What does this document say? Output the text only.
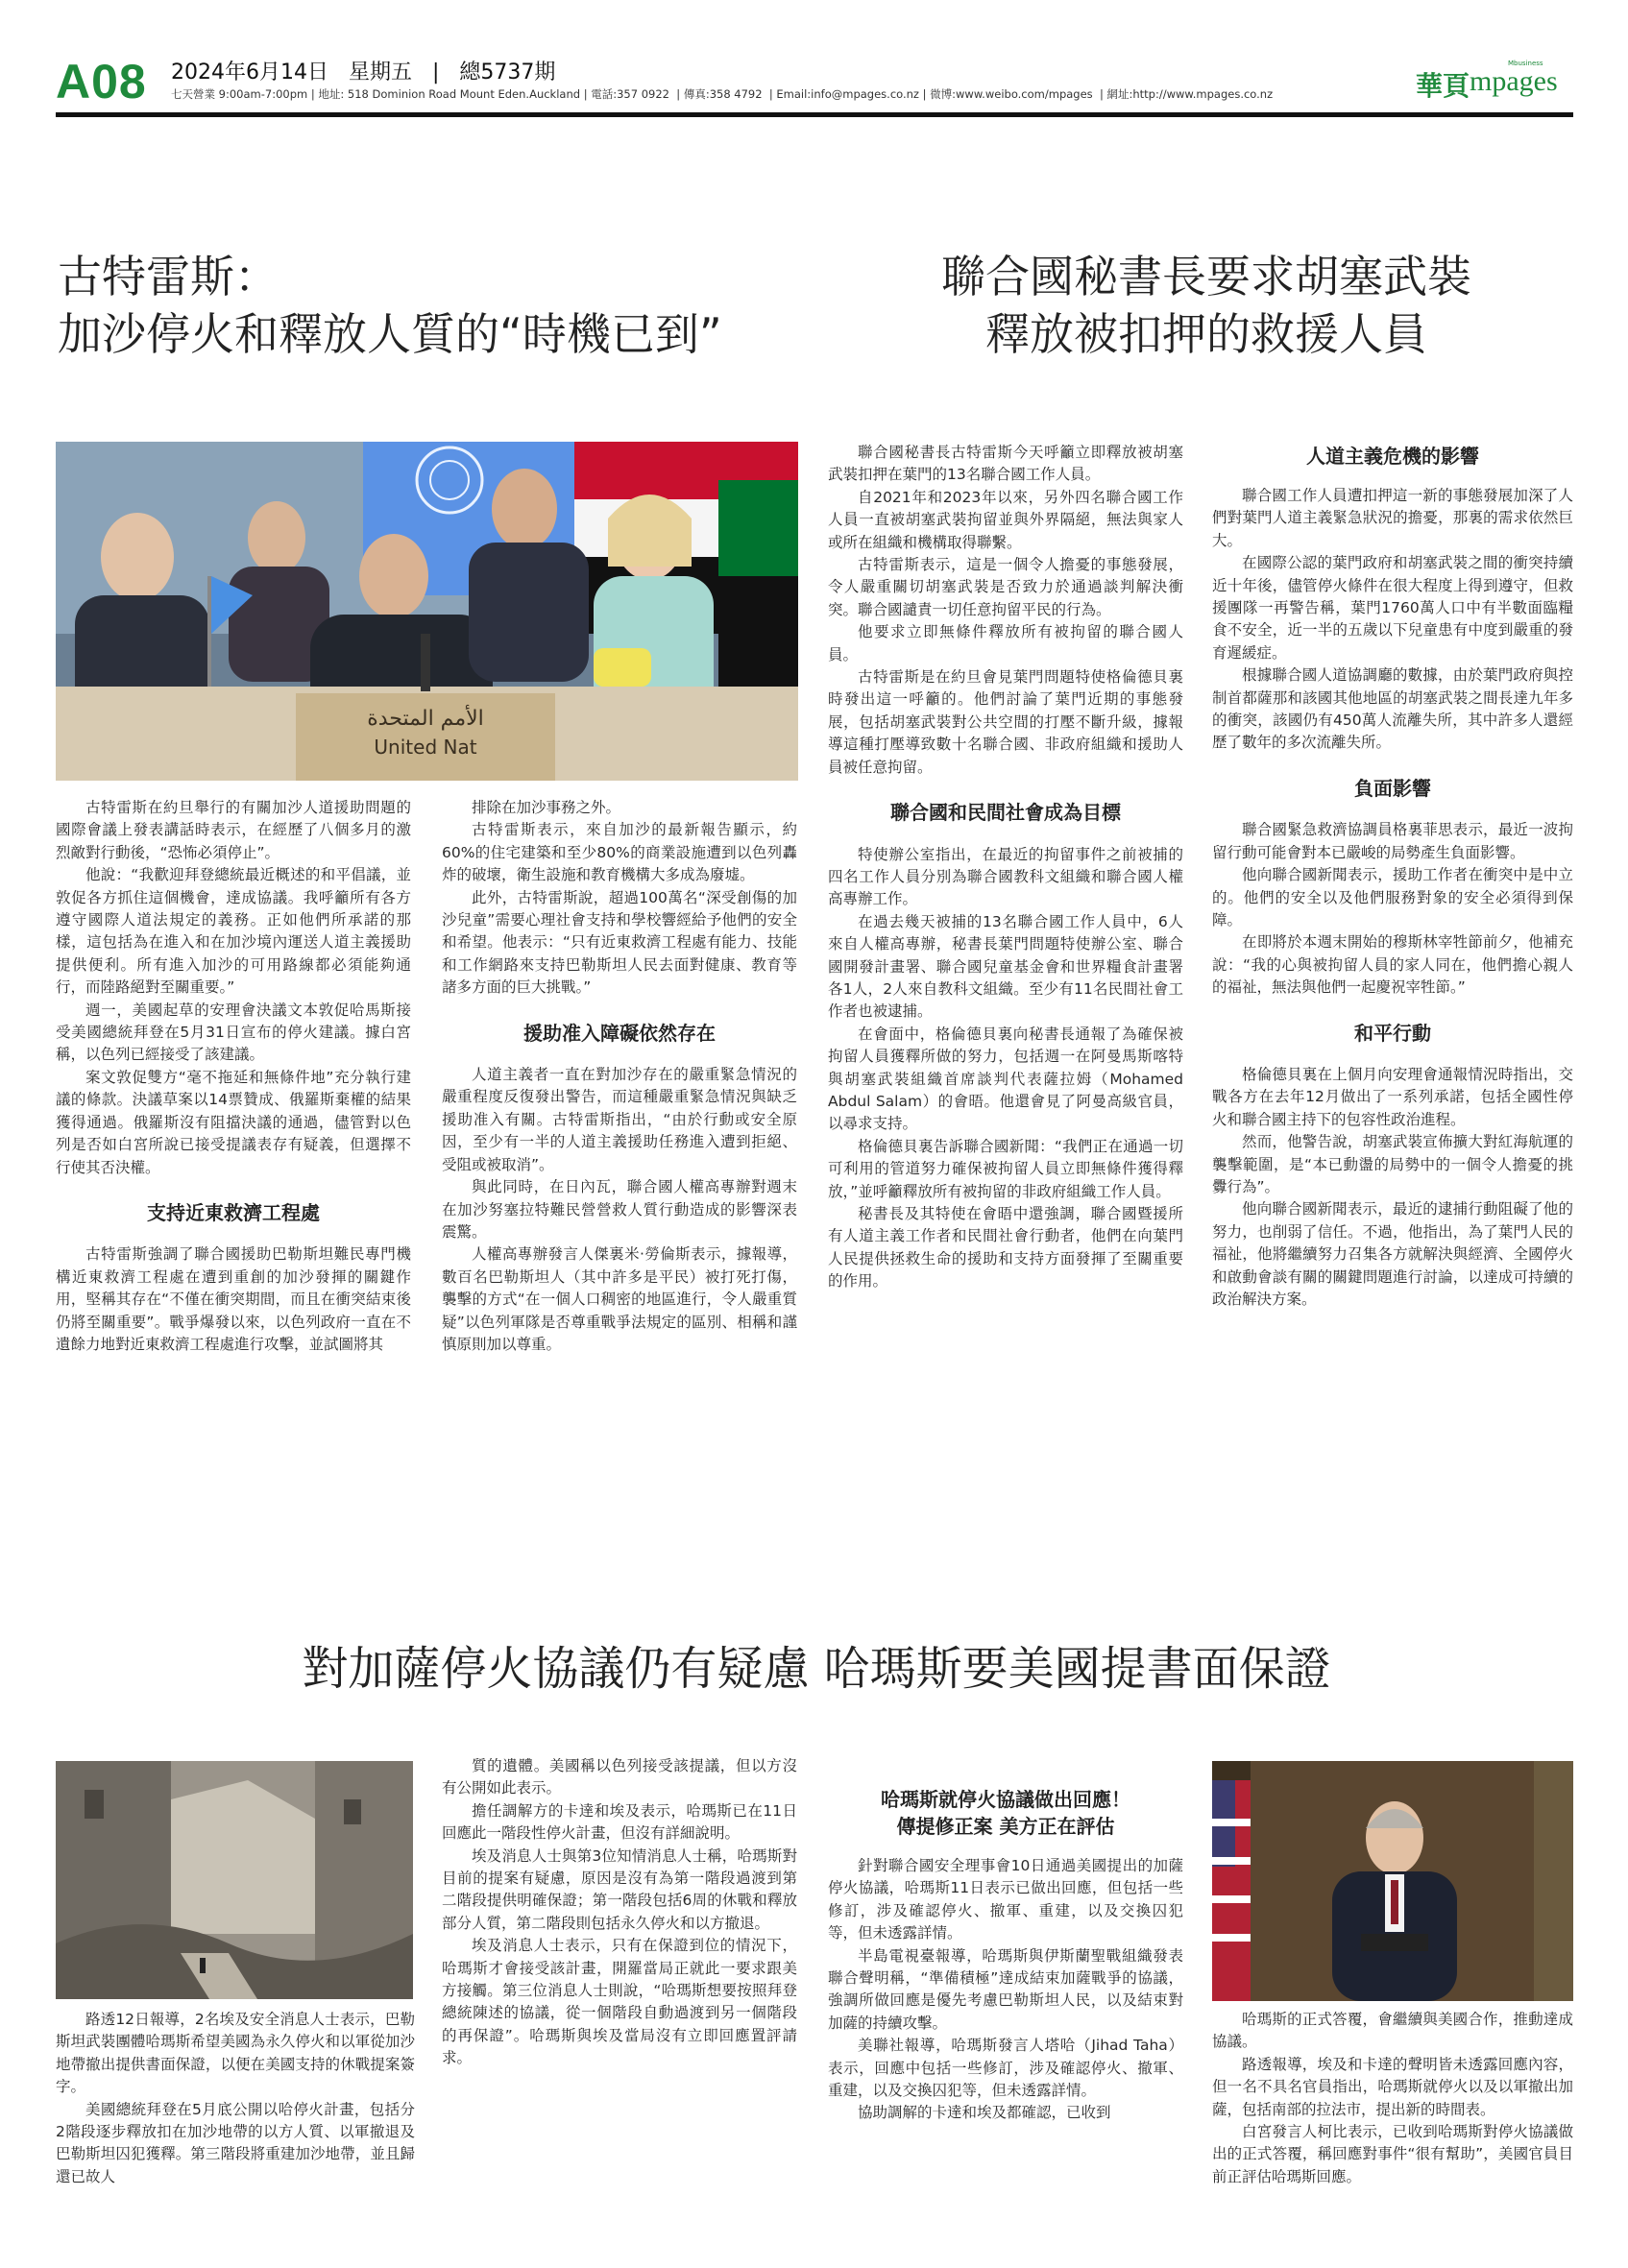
A08 2024年6月14日   星期五   |   總5737期
七天營業 9:00am-7:00pm | 地址: 518 Dominion Road Mount Eden.Auckland | 電話:357 0922  | 傳真:358 4792  | Email:info@mpages.co.nz | 微博:www.weibo.com/mpages  | 網址:http://www.mpages.co.nz	華頁
Mbusiness
mpages
古特雷斯：
加沙停火和釋放人質的“時機已到”
聯合國秘書長要求胡塞武裝
釋放被扣押的救援人員
الأمم المتحدة
United Nat

古特雷斯在約旦舉行的有關加沙人道援助問題的國際會議上發表講話時表示，在經歷了八個多月的激烈敵對行動後，“恐怖必須停止”。

他說：“我歡迎拜登總統最近概述的和平倡議，並敦促各方抓住這個機會，達成協議。我呼籲所有各方遵守國際人道法規定的義務。正如他們所承諾的那樣，這包括為在進入和在加沙境內運送人道主義援助提供便利。所有進入加沙的可用路線都必須能夠通行，而陸路絕對至關重要。”

週一，美國起草的安理會決議文本敦促哈馬斯接受美國總統拜登在5月31日宣布的停火建議。據白宮稱，以色列已經接受了該建議。

案文敦促雙方“毫不拖延和無條件地”充分執行建議的條款。決議草案以14票贊成、俄羅斯棄權的結果獲得通過。俄羅斯沒有阻擋決議的通過，儘管對以色列是否如白宮所說已接受提議表存有疑義，但選擇不行使其否決權。

支持近東救濟工程處

古特雷斯強調了聯合國援助巴勒斯坦難民專門機構近東救濟工程處在遭到重創的加沙發揮的關鍵作用，堅稱其存在“不僅在衝突期間，而且在衝突結束後仍將至關重要”。戰爭爆發以來，以色列政府一直在不遺餘力地對近東救濟工程處進行攻擊，並試圖將其

排除在加沙事務之外。

古特雷斯表示，來自加沙的最新報告顯示，約60%的住宅建築和至少80%的商業設施遭到以色列轟炸的破壞，衛生設施和教育機構大多成為廢墟。

此外，古特雷斯說，超過100萬名“深受創傷的加沙兒童”需要心理社會支持和學校響經給予他們的安全和希望。他表示：“只有近東救濟工程處有能力、技能和工作網路來支持巴勒斯坦人民去面對健康、教育等諸多方面的巨大挑戰。”

援助准入障礙依然存在

人道主義者一直在對加沙存在的嚴重緊急情況的嚴重程度反復發出警告，而這種嚴重緊急情況與缺乏援助准入有關。古特雷斯指出，“由於行動或安全原因，至少有一半的人道主義援助任務進入遭到拒絕、受阻或被取消”。

與此同時，在日內瓦，聯合國人權高專辦對週末在加沙努塞拉特難民營營救人質行動造成的影響深表震驚。

人權高專辦發言人傑裏米·勞倫斯表示，據報導，數百名巴勒斯坦人（其中許多是平民）被打死打傷，襲擊的方式“在一個人口稠密的地區進行，令人嚴重質疑”以色列軍隊是否尊重戰爭法規定的區別、相稱和謹慎原則加以尊重。

聯合國秘書長古特雷斯今天呼籲立即釋放被胡塞武裝扣押在葉門的13名聯合國工作人員。

自2021年和2023年以來，另外四名聯合國工作人員一直被胡塞武裝拘留並與外界隔絕，無法與家人或所在組織和機構取得聯繫。

古特雷斯表示，這是一個令人擔憂的事態發展，令人嚴重關切胡塞武裝是否致力於通過談判解決衝突。聯合國譴責一切任意拘留平民的行為。

他要求立即無條件釋放所有被拘留的聯合國人員。

古特雷斯是在約旦會見葉門問題特使格倫德貝裏時發出這一呼籲的。他們討論了葉門近期的事態發展，包括胡塞武裝對公共空間的打壓不斷升級，據報導這種打壓導致數十名聯合國、非政府組織和援助人員被任意拘留。

聯合國和民間社會成為目標

特使辦公室指出，在最近的拘留事件之前被捕的四名工作人員分別為聯合國教科文組織和聯合國人權高專辦工作。

在過去幾天被捕的13名聯合國工作人員中，6人來自人權高專辦，秘書長葉門問題特使辦公室、聯合國開發計畫署、聯合國兒童基金會和世界糧食計畫署各1人，2人來自教科文組織。至少有11名民間社會工作者也被逮捕。

在會面中，格倫德貝裏向秘書長通報了為確保被拘留人員獲釋所做的努力，包括週一在阿曼馬斯喀特與胡塞武裝組織首席談判代表薩拉姆（Mohamed Abdul Salam）的會晤。他還會見了阿曼高級官員，以尋求支持。

格倫德貝裏告訴聯合國新聞：“我們正在通過一切可利用的管道努力確保被拘留人員立即無條件獲得釋放，”並呼籲釋放所有被拘留的非政府組織工作人員。

秘書長及其特使在會晤中還強調，聯合國暨援所有人道主義工作者和民間社會行動者，他們在向葉門人民提供拯救生命的援助和支持方面發揮了至關重要的作用。

人道主義危機的影響

聯合國工作人員遭扣押這一新的事態發展加深了人們對葉門人道主義緊急狀況的擔憂，那裏的需求依然巨大。

在國際公認的葉門政府和胡塞武裝之間的衝突持續近十年後，儘管停火條件在很大程度上得到遵守，但救援團隊一再警告稱，葉門1760萬人口中有半數面臨糧食不安全，近一半的五歲以下兒童患有中度到嚴重的發育遲緩症。

根據聯合國人道協調廳的數據，由於葉門政府與控制首都薩那和該國其他地區的胡塞武裝之間長達九年多的衝突，該國仍有450萬人流離失所，其中許多人還經歷了數年的多次流離失所。

負面影響

聯合國緊急救濟協調員格裏菲思表示，最近一波拘留行動可能會對本已嚴峻的局勢產生負面影響。

他向聯合國新聞表示，援助工作者在衝突中是中立的。他們的安全以及他們服務對象的安全必須得到保障。

在即將於本週末開始的穆斯林宰牲節前夕，他補充說：“我的心與被拘留人員的家人同在，他們擔心親人的福祉，無法與他們一起慶祝宰牲節。”

和平行動

格倫德貝裏在上個月向安理會通報情況時指出，交戰各方在去年12月做出了一系列承諾，包括全國性停火和聯合國主持下的包容性政治進程。

然而，他警告說，胡塞武裝宣佈擴大對紅海航運的襲擊範圍，是“本已動盪的局勢中的一個令人擔憂的挑釁行為”。

他向聯合國新聞表示，最近的逮捕行動阻礙了他的努力，也削弱了信任。不過，他指出，為了葉門人民的福祉，他將繼續努力召集各方就解決與經濟、全國停火和啟動會談有關的關鍵問題進行討論，以達成可持續的政治解決方案。

對加薩停火協議仍有疑慮 哈瑪斯要美國提書面保證

路透12日報導，2名埃及安全消息人士表示，巴勒斯坦武裝團體哈瑪斯希望美國為永久停火和以軍從加沙地帶撤出提供書面保證，以便在美國支持的休戰提案簽字。

美國總統拜登在5月底公開以哈停火計畫，包括分2階段逐步釋放扣在加沙地帶的以方人質、以軍撤退及巴勒斯坦囚犯獲釋。第三階段將重建加沙地帶，並且歸還已故人

質的遺體。美國稱以色列接受該提議，但以方沒有公開如此表示。

擔任調解方的卡達和埃及表示，哈瑪斯已在11日回應此一階段性停火計畫，但沒有詳細說明。

埃及消息人士與第3位知情消息人士稱，哈瑪斯對目前的提案有疑慮，原因是沒有為第一階段過渡到第二階段提供明確保證；第一階段包括6周的休戰和釋放部分人質，第二階段則包括永久停火和以方撤退。

埃及消息人士表示，只有在保證到位的情況下，哈瑪斯才會接受該計畫，開羅當局正就此一要求跟美方接觸。第三位消息人士則說，“哈瑪斯想要按照拜登總統陳述的協議，從一個階段自動過渡到另一個階段的再保證”。哈瑪斯與埃及當局沒有立即回應置評請求。

哈瑪斯就停火協議做出回應！
傳提修正案 美方正在評估

針對聯合國安全理事會10日通過美國提出的加薩停火協議，哈瑪斯11日表示已做出回應，但包括一些修訂，涉及確認停火、撤軍、重建，以及交換囚犯等，但未透露詳情。

半島電視臺報導，哈瑪斯與伊斯蘭聖戰組織發表聯合聲明稱，“準備積極”達成結束加薩戰爭的協議，強調所做回應是優先考慮巴勒斯坦人民，以及結束對加薩的持續攻擊。

美聯社報導，哈瑪斯發言人塔哈（Jihad Taha）表示，回應中包括一些修訂，涉及確認停火、撤軍、重建，以及交換囚犯等，但未透露詳情。

協助調解的卡達和埃及都確認，已收到

哈瑪斯的正式答覆，會繼續與美國合作，推動達成協議。

路透報導，埃及和卡達的聲明皆未透露回應內容，但一名不具名官員指出，哈瑪斯就停火以及以軍撤出加薩，包括南部的拉法市，提出新的時間表。

白宮發言人柯比表示，已收到哈瑪斯對停火協議做出的正式答覆，稱回應對事件“很有幫助”，美國官員目前正評估哈瑪斯回應。
